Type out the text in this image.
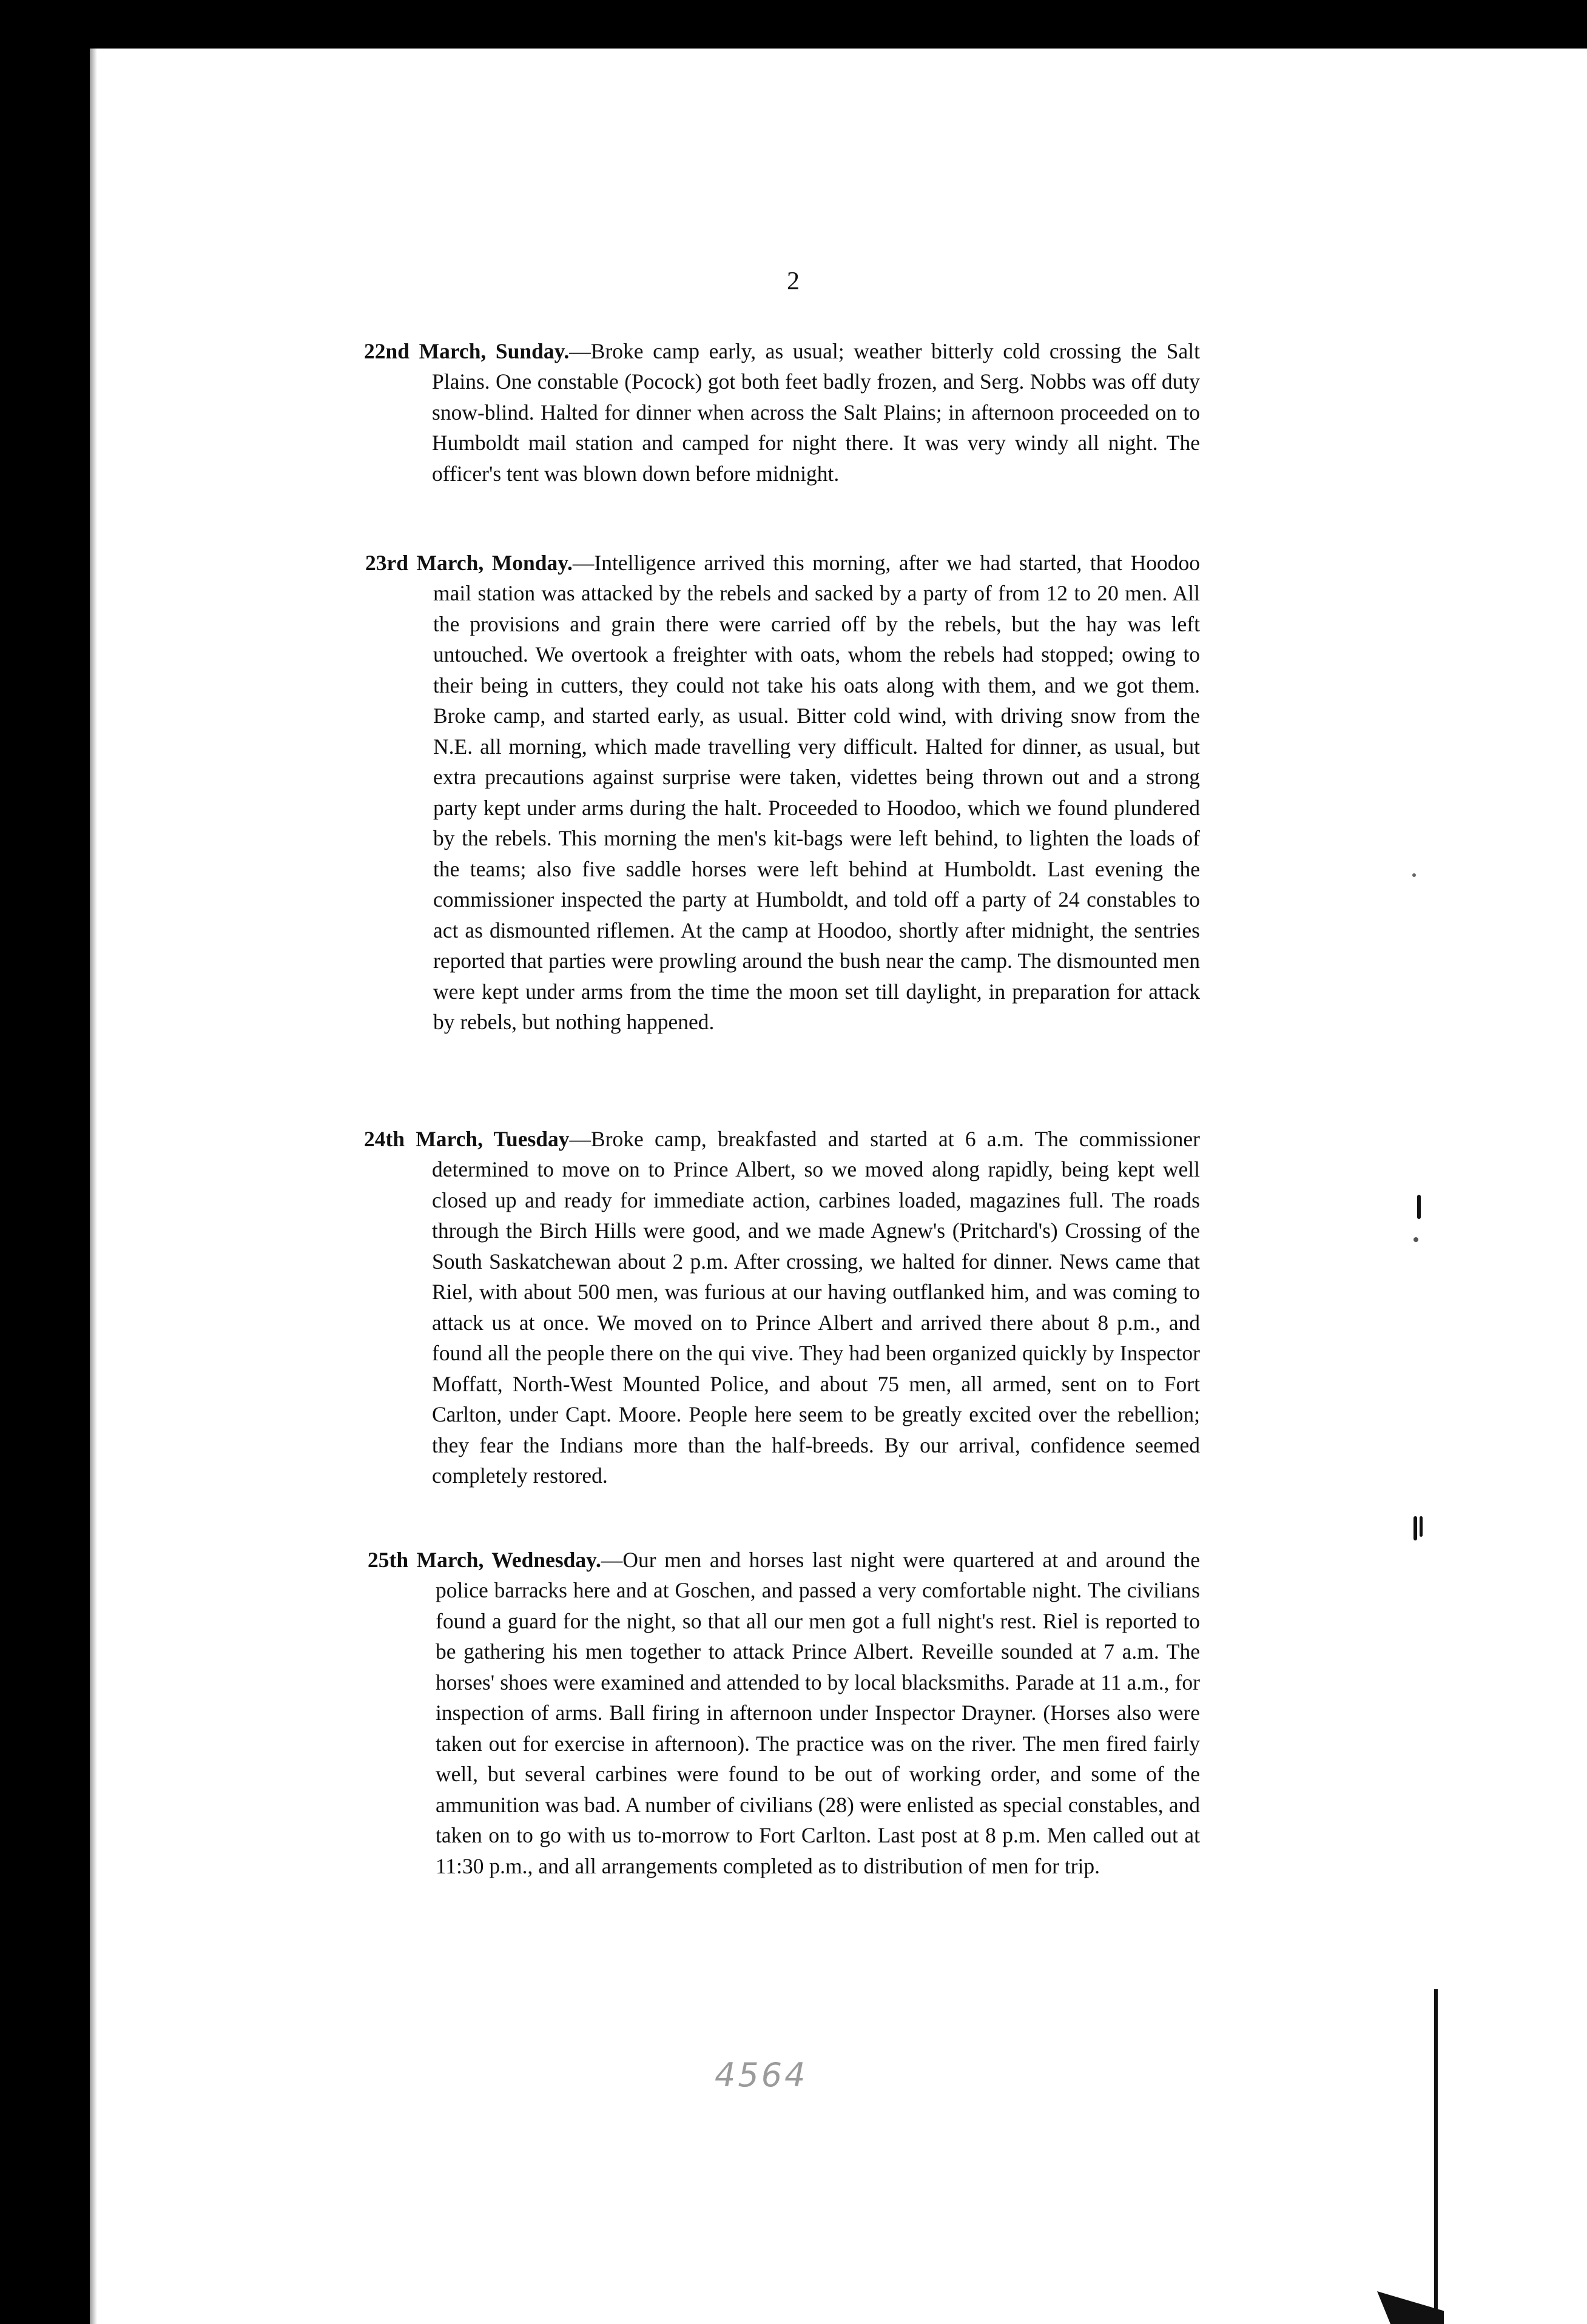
2

22nd March, Sunday.—Broke camp early, as usual; weather bitterly cold crossing the Salt Plains. One constable (Pocock) got both feet badly frozen, and Serg. Nobbs was off duty snow-blind. Halted for dinner when across the Salt Plains; in afternoon proceeded on to Humboldt mail station and camped for night there. It was very windy all night. The officer's tent was blown down before midnight.

23rd March, Monday.—Intelligence arrived this morning, after we had started, that Hoodoo mail station was attacked by the rebels and sacked by a party of from 12 to 20 men. All the provisions and grain there were carried off by the rebels, but the hay was left untouched. We overtook a freighter with oats, whom the rebels had stopped; owing to their being in cutters, they could not take his oats along with them, and we got them. Broke camp, and started early, as usual. Bitter cold wind, with driving snow from the N.E. all morning, which made travelling very difficult. Halted for dinner, as usual, but extra precautions against surprise were taken, videttes being thrown out and a strong party kept under arms during the halt. Proceeded to Hoodoo, which we found plundered by the rebels. This morning the men's kit-bags were left behind, to lighten the loads of the teams; also five saddle horses were left behind at Humboldt. Last evening the commissioner inspected the party at Humboldt, and told off a party of 24 constables to act as dismounted riflemen. At the camp at Hoodoo, shortly after midnight, the sentries reported that parties were prowling around the bush near the camp. The dismounted men were kept under arms from the time the moon set till daylight, in preparation for attack by rebels, but nothing happened.

24th March, Tuesday—Broke camp, breakfasted and started at 6 a.m. The commissioner determined to move on to Prince Albert, so we moved along rapidly, being kept well closed up and ready for immediate action, carbines loaded, magazines full. The roads through the Birch Hills were good, and we made Agnew's (Pritchard's) Crossing of the South Saskatchewan about 2 p.m. After crossing, we halted for dinner. News came that Riel, with about 500 men, was furious at our having outflanked him, and was coming to attack us at once. We moved on to Prince Albert and arrived there about 8 p.m., and found all the people there on the qui vive. They had been organized quickly by Inspector Moffatt, North-West Mounted Police, and about 75 men, all armed, sent on to Fort Carlton, under Capt. Moore. People here seem to be greatly excited over the rebellion; they fear the Indians more than the half-breeds. By our arrival, confidence seemed completely restored.

25th March, Wednesday.—Our men and horses last night were quartered at and around the police barracks here and at Goschen, and passed a very comfortable night. The civilians found a guard for the night, so that all our men got a full night's rest. Riel is reported to be gathering his men together to attack Prince Albert. Reveille sounded at 7 a.m. The horses' shoes were examined and attended to by local blacksmiths. Parade at 11 a.m., for inspection of arms. Ball firing in afternoon under Inspector Drayner. (Horses also were taken out for exercise in afternoon). The practice was on the river. The men fired fairly well, but several carbines were found to be out of working order, and some of the ammunition was bad. A number of civilians (28) were enlisted as special constables, and taken on to go with us to-morrow to Fort Carlton. Last post at 8 p.m. Men called out at 11:30 p.m., and all arrangements completed as to distribution of men for trip.

4564
